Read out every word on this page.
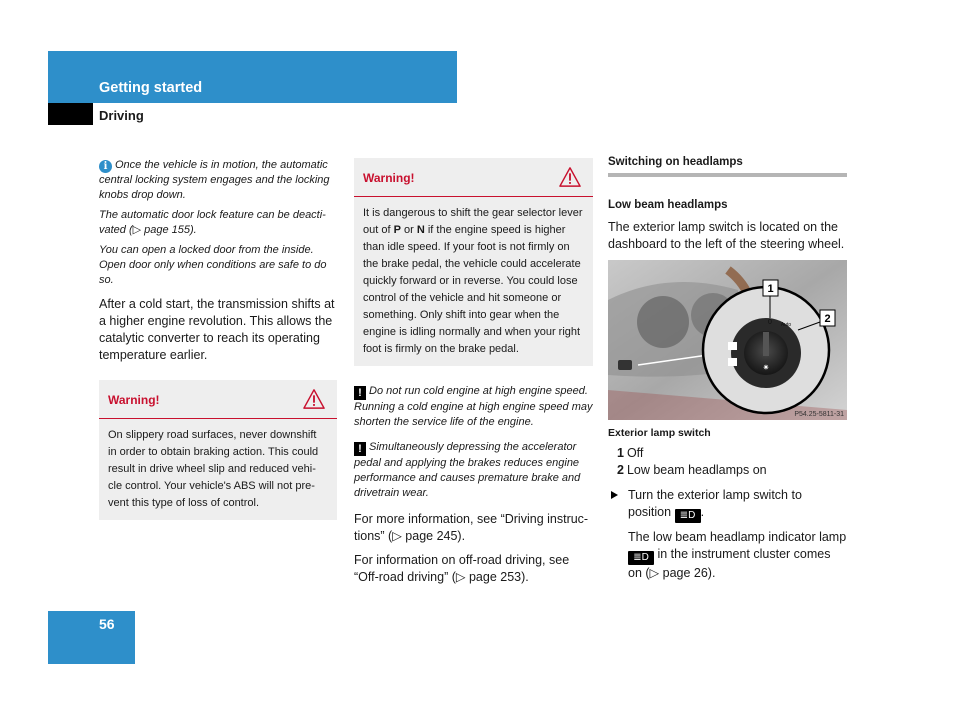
Getting started
Driving

i Once the vehicle is in motion, the automatic central locking system engages and the locking knobs drop down.

The automatic door lock feature can be deacti-vated (▷ page 155).

You can open a locked door from the inside. Open door only when conditions are safe to do so.

After a cold start, the transmission shifts at a higher engine revolution. This allows the catalytic converter to reach its operating temperature earlier.

Warning!
On slippery road surfaces, never downshift in order to obtain braking action. This could result in drive wheel slip and reduced vehi-cle control. Your vehicle's ABS will not pre-vent this type of loss of control.
Warning!
It is dangerous to shift the gear selector lever out of P or N if the engine speed is higher than idle speed. If your foot is not firmly on the brake pedal, the vehicle could accelerate quickly forward or in reverse. You could lose control of the vehicle and hit someone or something. Only shift into gear when the engine is idling normally and when your right foot is firmly on the brake pedal.

! Do not run cold engine at high engine speed. Running a cold engine at high engine speed may shorten the service life of the engine.

! Simultaneously depressing the accelerator pedal and applying the brakes reduces engine performance and causes premature brake and drivetrain wear.

For more information, see “Driving instruc-tions” (▷ page 245).

For information on off-road driving, see “Off-road driving” (▷ page 253).

Switching on headlamps
Low beam headlamps

The exterior lamp switch is located on the dashboard to the left of the steering wheel.

✷
0 Auto
1
2
P54.25-5811-31

Exterior lamp switch

1 Off
2 Low beam headlamps on
Turn the exterior lamp switch to position ≣D .
The low beam headlamp indicator lamp ≣D in the instrument cluster comes on (▷ page 26).
56
